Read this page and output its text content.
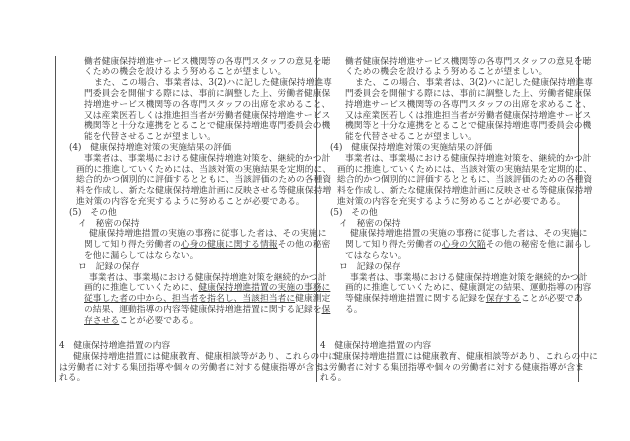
働者健康保持増進サービス機関等の各専門スタッフの意見を聴
くための機会を設けるよう努めることが望ましい。
また、この場合、事業者は、3(2)ハに記した健康保持増進専
門委員会を開催する際には、事前に調整した上、労働者健康保
持増進サービス機関等の各専門スタッフの出席を求めること、
又は産業医若しくは推進担当者が労働者健康保持増進サービス
機関等と十分な連携をとることで健康保持増進専門委員会の機
能を代替させることが望ましい。
(4)　健康保持増進対策の実施結果の評価
事業者は、事業場における健康保持増進対策を、継続的かつ計
画的に推進していくためには、当該対策の実施結果を定期的に、
総合的かつ個別的に評価するとともに、当該評価のための各種資
料を作成し、新たな健康保持増進計画に反映させる等健康保持増
進対策の内容を充実するように努めることが必要である。
(5)　その他
イ　秘密の保持
健康保持増進措置の実施の事務に従事した者は、その実施に
関して知り得た労働者の心身の健康に関する情報その他の秘密
を他に漏らしてはならない。
ロ　記録の保存
事業者は、事業場における健康保持増進対策を継続的かつ計
画的に推進していくために、健康保持増進措置の実施の事務に
従事した者の中から、担当者を指名し、当該担当者に健康測定
の結果、運動指導の内容等健康保持増進措置に関する記録を保
存させることが必要である。
4　健康保持増進措置の内容
健康保持増進措置には健康教育、健康相談等があり、これらの中に
は労働者に対する集団指導や個々の労働者に対する健康指導が含ま
れる。
働者健康保持増進サービス機関等の各専門スタッフの意見を聴
くための機会を設けるよう努めることが望ましい。
また、この場合、事業者は、3(2)ハに記した健康保持増進専
門委員会を開催する際には、事前に調整した上、労働者健康保
持増進サービス機関等の各専門スタッフの出席を求めること、
又は産業医若しくは推進担当者が労働者健康保持増進サービス
機関等と十分な連携をとることで健康保持増進専門委員会の機
能を代替させることが望ましい。
(4)　健康保持増進対策の実施結果の評価
事業者は、事業場における健康保持増進対策を、継続的かつ計
画的に推進していくためには、当該対策の実施結果を定期的に、
総合的かつ個別的に評価するとともに、当該評価のための各種資
料を作成し、新たな健康保持増進計画に反映させる等健康保持増
進対策の内容を充実するように努めることが必要である。
(5)　その他
イ　秘密の保持
健康保持増進措置の実施の事務に従事した者は、その実施に
関して知り得た労働者の心身の欠陥その他の秘密を他に漏らし
てはならない。
ロ　記録の保存
事業者は、事業場における健康保持増進対策を継続的かつ計
画的に推進していくために、健康測定の結果、運動指導の内容
等健康保持増進措置に関する記録を保存することが必要であ
る。
4　健康保持増進措置の内容
健康保持増進措置には健康教育、健康相談等があり、これらの中に
は労働者に対する集団指導や個々の労働者に対する健康指導が含ま
れる。
